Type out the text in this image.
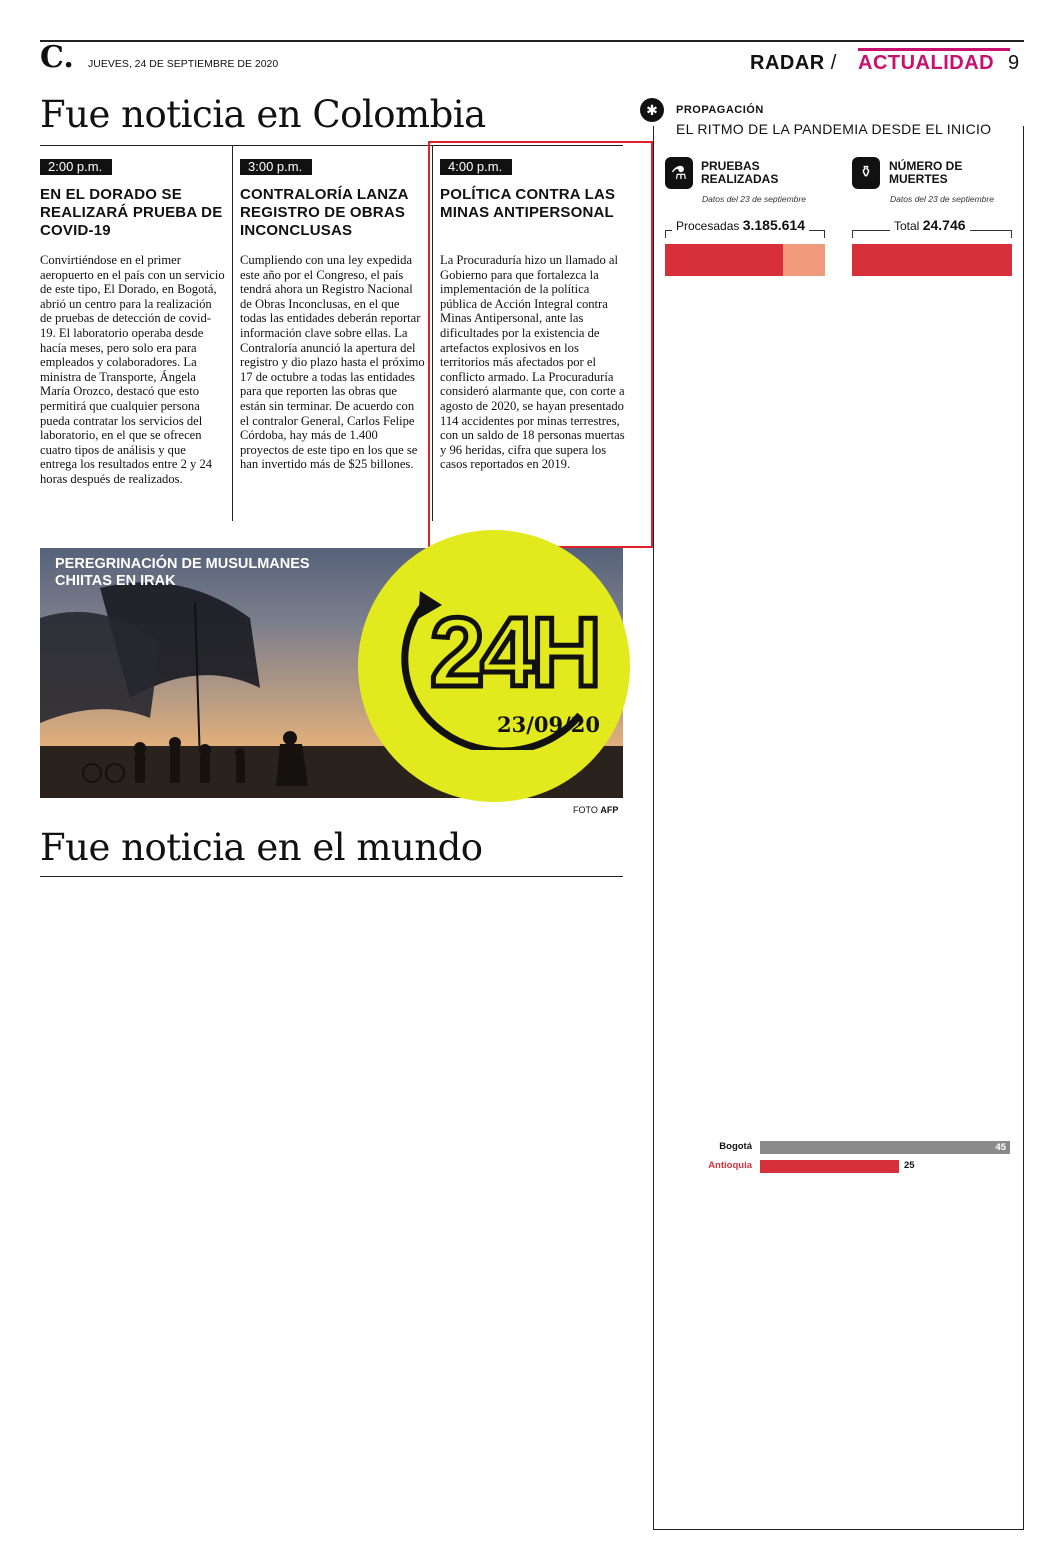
C. JUEVES, 24 DE SEPTIEMBRE DE 2020	RADAR / ACTUALIDAD 9
Fue noticia en Colombia
2:00 p.m.
EN EL DORADO SE REALIZARÁ PRUEBA DE COVID-19
Convirtiéndose en el primer aeropuerto en el país con un servicio de este tipo, El Dorado, en Bogotá, abrió un centro para la realización de pruebas de detección de covid-19. El laboratorio operaba desde hacía meses, pero solo era para empleados y colaboradores. La ministra de Transporte, Ángela María Orozco, destacó que esto permitirá que cualquier persona pueda contratar los servicios del laboratorio, en el que se ofrecen cuatro tipos de análisis y que entrega los resultados entre 2 y 24 horas después de realizados.
3:00 p.m.
CONTRALORÍA LANZA REGISTRO DE OBRAS INCONCLUSAS
Cumpliendo con una ley expedida este año por el Congreso, el país tendrá ahora un Registro Nacional de Obras Inconclusas, en el que todas las entidades deberán reportar información clave sobre ellas. La Contraloría anunció la apertura del registro y dio plazo hasta el próximo 17 de octubre a todas las entidades para que reporten las obras que están sin terminar. De acuerdo con el contralor General, Carlos Felipe Córdoba, hay más de 1.400 proyectos de este tipo en los que se han invertido más de $25 billones.
4:00 p.m.
POLÍTICA CONTRA LAS MINAS ANTIPERSONAL
La Procuraduría hizo un llamado al Gobierno para que fortalezca la implementación de la política pública de Acción Integral contra Minas Antipersonal, ante las dificultades por la existencia de artefactos explosivos en los territorios más afectados por el conflicto armado. La Procuraduría consideró alarmante que, con corte a agosto de 2020, se hayan presentado 114 accidentes por minas terrestres, con un saldo de 18 personas muertas y 96 heridas, cifra que supera los casos reportados en 2019.
PEREGRINACIÓN DE MUSULMANES CHIITAS EN IRAK
24H
23/09/20
FOTO AFP
Fue noticia en el mundo
✱	PROPAGACIÓN
EL RITMO DE LA PANDEMIA DESDE EL INICIO
⚗	PRUEBAS REALIZADAS
Datos del 23 de septiembre
Procesadas 3.185.614
⚱	NÚMERO DE MUERTES
Datos del 23 de septiembre
Total 24.746
45
Bogotá
25
Antioquia
